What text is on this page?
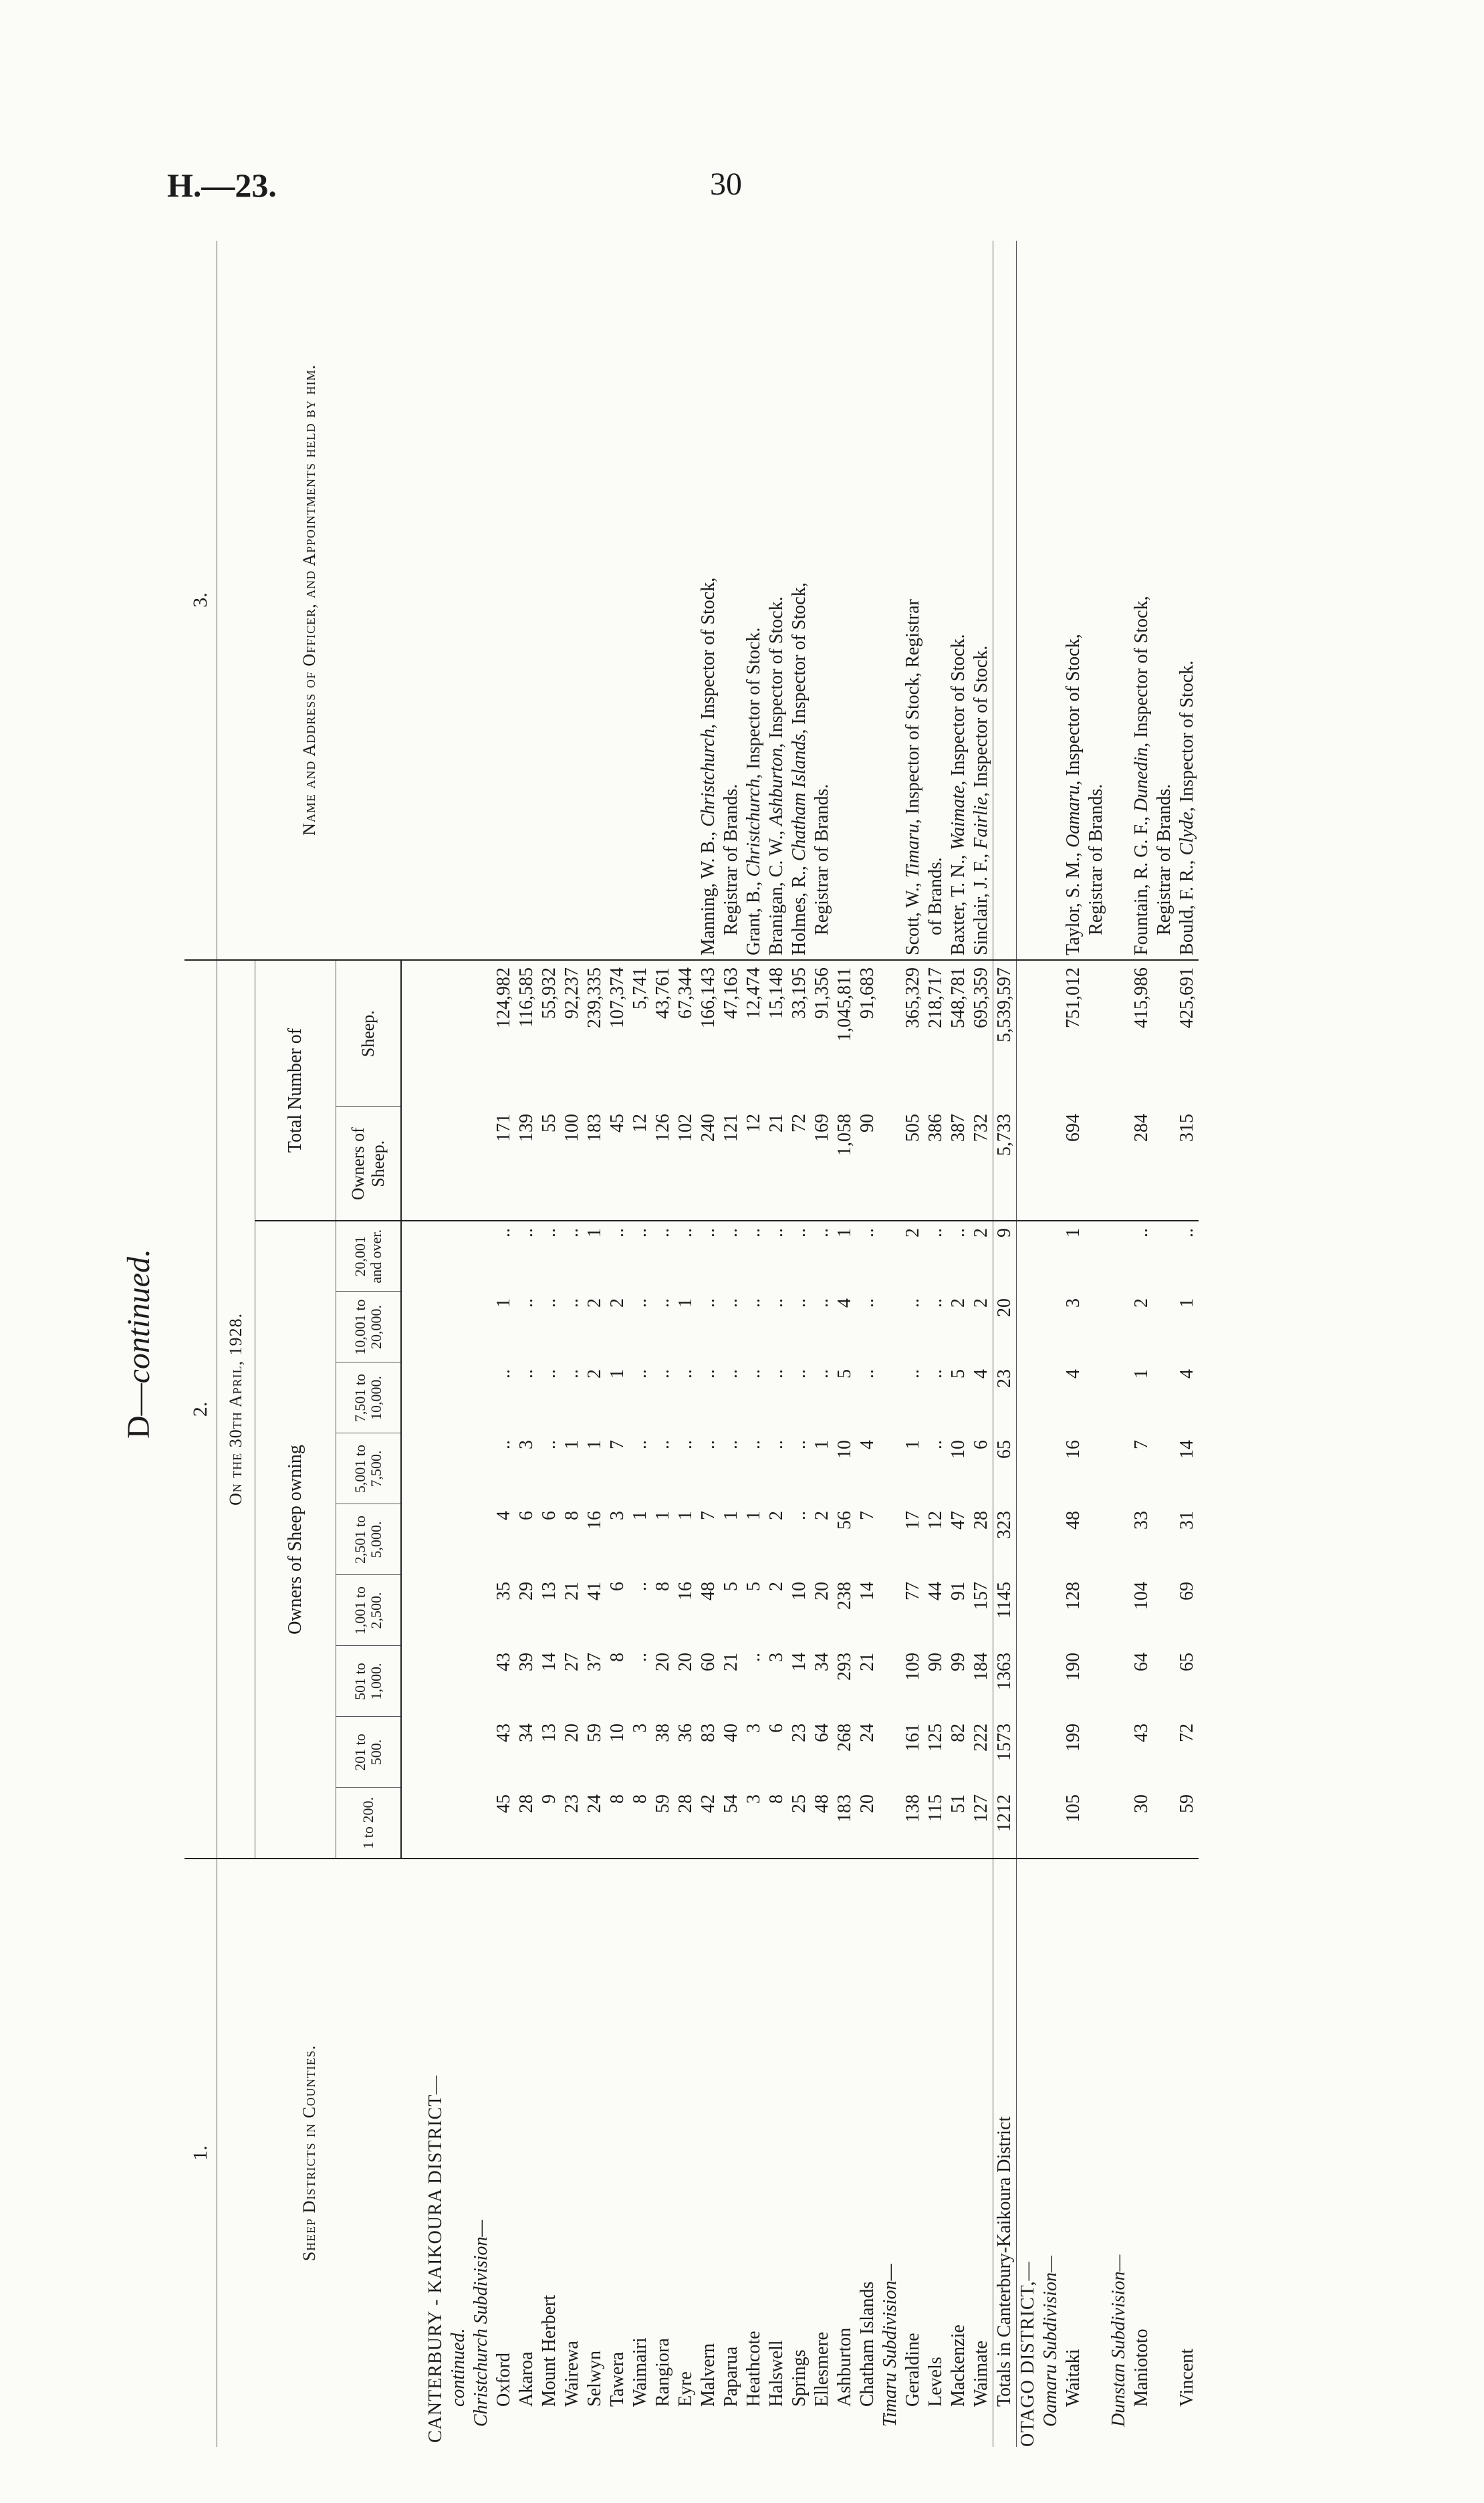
H.—23.	30
D—continued.
1.	2.											3.
Sheep Districts in Counties.	On the 30th April, 1928.											Name and Address of Officer, and Appointments held by him.
	Owners of Sheep owning									Total Number of		
	1 to 200.	201 to 500.	501 to 1,000.	1,001 to 2,500.	2,501 to 5,000.	5,001 to 7,500.	7,501 to 10,000.	10,001 to 20,000.	20,001 and over.	Owners of Sheep.	Sheep.	

CANTERBURY - KAIKOURA DISTRICT—												
continued.												
Christchurch Subdivision—												
Oxford	45	43	43	35	4	..	..	1	..	171	124,982	
Akaroa	28	34	39	29	6	3	..	..	..	139	116,585	
Mount Herbert	9	13	14	13	6	..	..	..	..	55	55,932	
Wairewa	23	20	27	21	8	1	..	..	..	100	92,237	
Selwyn	24	59	37	41	16	1	2	2	1	183	239,335	
Tawera	8	10	8	6	3	7	1	2	..	45	107,374	
Waimairi	8	3	..	..	1	..	..	..	..	12	5,741	
Rangiora	59	38	20	8	1	..	..	..	..	126	43,761	
Eyre	28	36	20	16	1	..	..	1	..	102	67,344	
Malvern	42	83	60	48	7	..	..	..	..	240	166,143	Manning, W. B., Christchurch, Inspector of Stock,
Paparua	54	40	21	5	1	..	..	..	..	121	47,163	Registrar of Brands.
Heathcote	3	3	..	5	1	..	..	..	..	12	12,474	Grant, B., Christchurch, Inspector of Stock.
Halswell	8	6	3	2	2	..	..	..	..	21	15,148	Branigan, C. W., Ashburton, Inspector of Stock.
Springs	25	23	14	10	..	..	..	..	..	72	33,195	Holmes, R., Chatham Islands, Inspector of Stock,
Ellesmere	48	64	34	20	2	1	..	..	..	169	91,356	Registrar of Brands.
Ashburton	183	268	293	238	56	10	5	4	1	1,058	1,045,811	
Chatham Islands	20	24	21	14	7	4	..	..	..	90	91,683	

Timaru Subdivision—												
Geraldine	138	161	109	77	17	1	..	..	2	505	365,329	Scott, W., Timaru, Inspector of Stock, Registrar
Levels	115	125	90	44	12	..	..	..	..	386	218,717	of Brands.
Mackenzie	51	82	99	91	47	10	5	2	..	387	548,781	Baxter, T. N., Waimate, Inspector of Stock.
Waimate	127	222	184	157	28	6	4	2	2	732	695,359	Sinclair, J. F., Fairlie, Inspector of Stock.

Totals in Canterbury-Kaikoura District	1212	1573	1363	1145	323	65	23	20	9	5,733	5,539,597	

OTAGO DISTRICT,—												
Oamaru Subdivision—												
Waitaki	105	199	190	128	48	16	4	3	1	694	751,012	Taylor, S. M., Oamaru, Inspector of Stock,
												Registrar of Brands.

Dunstan Subdivision—												
Maniototo	30	43	64	104	33	7	1	2	..	284	415,986	Fountain, R. G. F., Dunedin, Inspector of Stock,
												Registrar of Brands.
Vincent	59	72	65	69	31	14	4	1	..	315	425,691	Bould, F. R., Clyde, Inspector of Stock.
